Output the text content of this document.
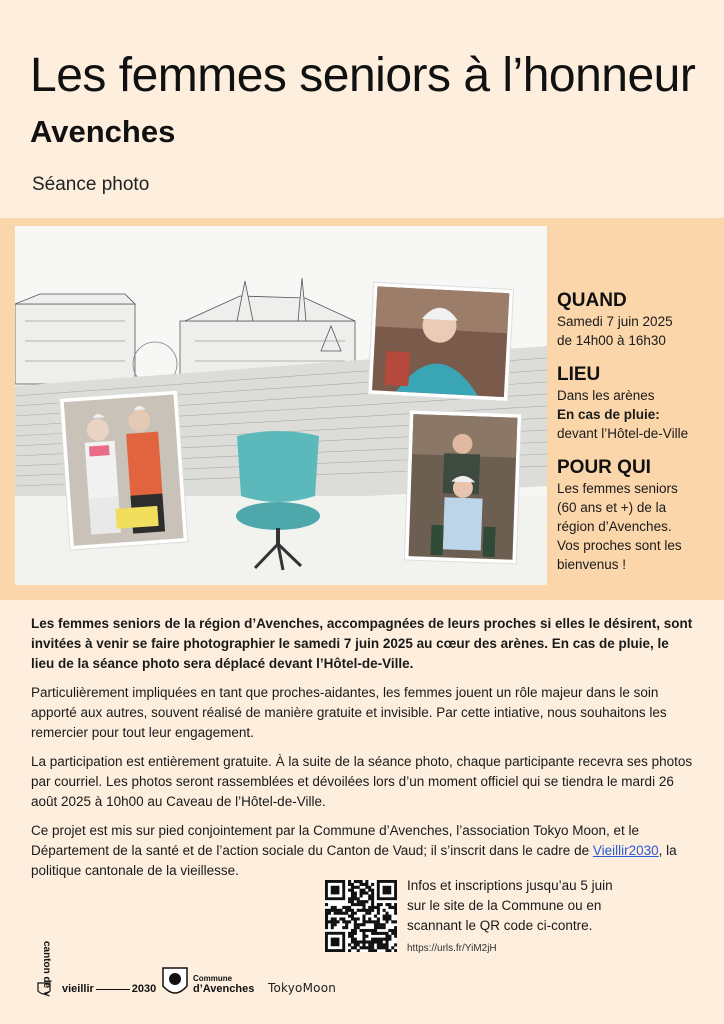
Les femmes seniors à l’honneur
Avenches
Séance photo
QUAND

Samedi 7 juin 2025

de 14h00 à 16h30

LIEU

Dans les arènes

En cas de pluie:

devant l’Hôtel-de-Ville

POUR QUI

Les femmes seniors

(60 ans et +) de la

région d’Avenches.

Vos proches sont les

bienvenus !

Les femmes seniors de la région d’Avenches, accompagnées de leurs proches si elles le désirent, sont invitées à venir se faire photographier le samedi 7 juin 2025 au cœur des arènes. En cas de pluie, le lieu de la séance photo sera déplacé devant l’Hôtel-de-Ville.

Particulièrement impliquées en tant que proches-aidantes, les femmes jouent un rôle majeur dans le soin apporté aux autres, souvent réalisé de manière gratuite et invisible. Par cette intiative, nous souhaitons les remercier pour tout leur engagement.

La participation est entièrement gratuite. À la suite de la séance photo, chaque participante recevra ses photos par courriel. Les photos seront rassemblées et dévoilées lors d’un moment officiel qui se tiendra le mardi 26 août 2025 à 10h00 au Caveau de l’Hôtel-de-Ville.

Ce projet est mis sur pied conjointement par la Commune d’Avenches, l’association Tokyo Moon, et le Département de la santé et de l’action sociale du Canton de Vaud; il s’inscrit dans le cadre de Vieillir2030, la politique cantonale de la vieillesse.

Infos et inscriptions jusqu’au 5 juin
sur le site de la Commune ou en
scannant le QR code ci-contre.
https://urls.fr/YiM2jH
canton de vaud vieillir	2030
Commune
d’Avenches TokyoMoon
